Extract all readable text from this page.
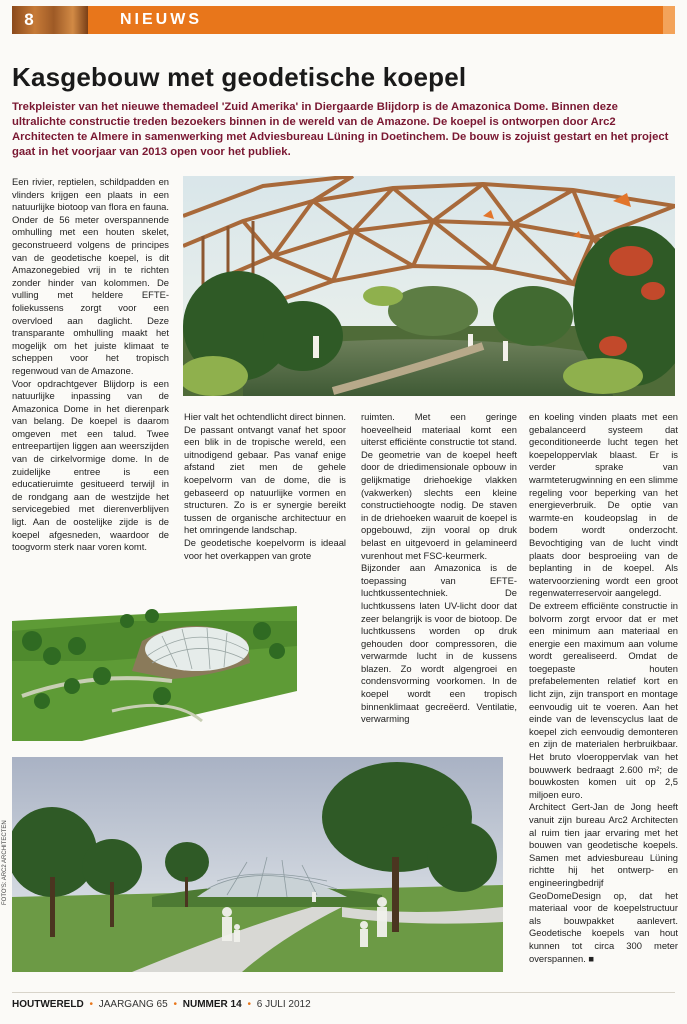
8	NIEUWS
Kasgebouw met geodetische koepel

Trekpleister van het nieuwe themadeel 'Zuid Amerika' in Diergaarde Blijdorp is de Amazonica Dome. Binnen deze ultralichte constructie treden bezoekers binnen in de wereld van de Amazone. De koepel is ontworpen door Arc2 Architecten te Almere in samenwerking met Adviesbureau Lüning in Doetinchem. De bouw is zojuist gestart en het project gaat in het voorjaar van 2013 open voor het publiek.

Een rivier, reptielen, schildpadden en vlinders krijgen een plaats in een natuurlijke biotoop van flora en fauna. Onder de 56 meter overspannende omhulling met een houten skelet, geconstrueerd volgens de principes van de geodetische koepel, is dit Amazonegebied vrij in te richten zonder hinder van kolommen. De vulling met heldere EFTE-foliekussens zorgt voor een overvloed aan daglicht. Deze transparante omhulling maakt het mogelijk om het juiste klimaat te scheppen voor het tropisch regenwoud van de Amazone.

Voor opdrachtgever Blijdorp is een natuurlijke inpassing van de Amazonica Dome in het dierenpark van belang. De koepel is daarom omgeven met een talud. Twee entreepartijen liggen aan weerszijden van de cirkelvormige dome. In de zuidelijke entree is een educatieruimte gesitueerd terwijl in de rondgang aan de westzijde het servicegebied met dierenverblijven ligt. Aan de oostelijke zijde is de koepel afgesneden, waardoor de toogvorm sterk naar voren komt.

Hier valt het ochtendlicht direct binnen. De passant ontvangt vanaf het spoor een blik in de tropische wereld, een uitnodigend gebaar. Pas vanaf enige afstand ziet men de gehele koepelvorm van de dome, die is gebaseerd op natuurlijke vormen en structuren. Zo is er synergie bereikt tussen de organische architectuur en het omringende landschap.

De geodetische koepelvorm is ideaal voor het overkappen van grote

ruimten. Met een geringe hoeveelheid materiaal komt een uiterst efficiënte constructie tot stand. De geometrie van de koepel heeft door de driedimensionale opbouw in gelijkmatige driehoekige vlakken (vakwerken) slechts een kleine constructiehoogte nodig. De staven in de driehoeken waaruit de koepel is opgebouwd, zijn vooral op druk belast en uitgevoerd in gelamineerd vurenhout met FSC-keurmerk.

Bijzonder aan Amazonica is de toepassing van EFTE-luchtkussentechniek. De luchtkussens laten UV-licht door dat zeer belangrijk is voor de biotoop. De luchtkussens worden op druk gehouden door compressoren, die verwarmde lucht in de kussens blazen. Zo wordt algengroei en condensvorming voorkomen. In de koepel wordt een tropisch binnenklimaat gecreëerd. Ventilatie, verwarming

en koeling vinden plaats met een gebalanceerd systeem dat geconditioneerde lucht tegen het koepeloppervlak blaast. Er is verder sprake van warmteterugwinning en een slimme regeling voor beperking van het energieverbruik. De optie van warmte-en koudeopslag in de bodem wordt onderzocht. Bevochtiging van de lucht vindt plaats door besproeiing van de beplanting in de koepel. Als watervoorziening wordt een groot regenwaterreservoir aangelegd.

De extreem efficiënte constructie in bolvorm zorgt ervoor dat er met een minimum aan materiaal en energie een maximum aan volume wordt gerealiseerd. Omdat de toegepaste houten prefabelementen relatief kort en licht zijn, zijn transport en montage eenvoudig uit te voeren. Aan het einde van de levenscyclus laat de koepel zich eenvoudig demonteren en zijn de materialen herbruikbaar. Het bruto vloeroppervlak van het bouwwerk bedraagt 2.600 m²; de bouwkosten komen uit op 2,5 miljoen euro.

Architect Gert-Jan de Jong heeft vanuit zijn bureau Arc2 Architecten al ruim tien jaar ervaring met het bouwen van geodetische koepels. Samen met adviesbureau Lüning richtte hij het ontwerp- en engineeringbedrijf GeoDomeDesign op, dat het materiaal voor de koepelstructuur als bouwpakket aanlevert. Geodetische koepels van hout kunnen tot circa 300 meter overspannen. ■

FOTO'S: ARC2 ARCHITECTEN
HOUTWERELD • JAARGANG 65 • NUMMER 14 • 6 JULI 2012
